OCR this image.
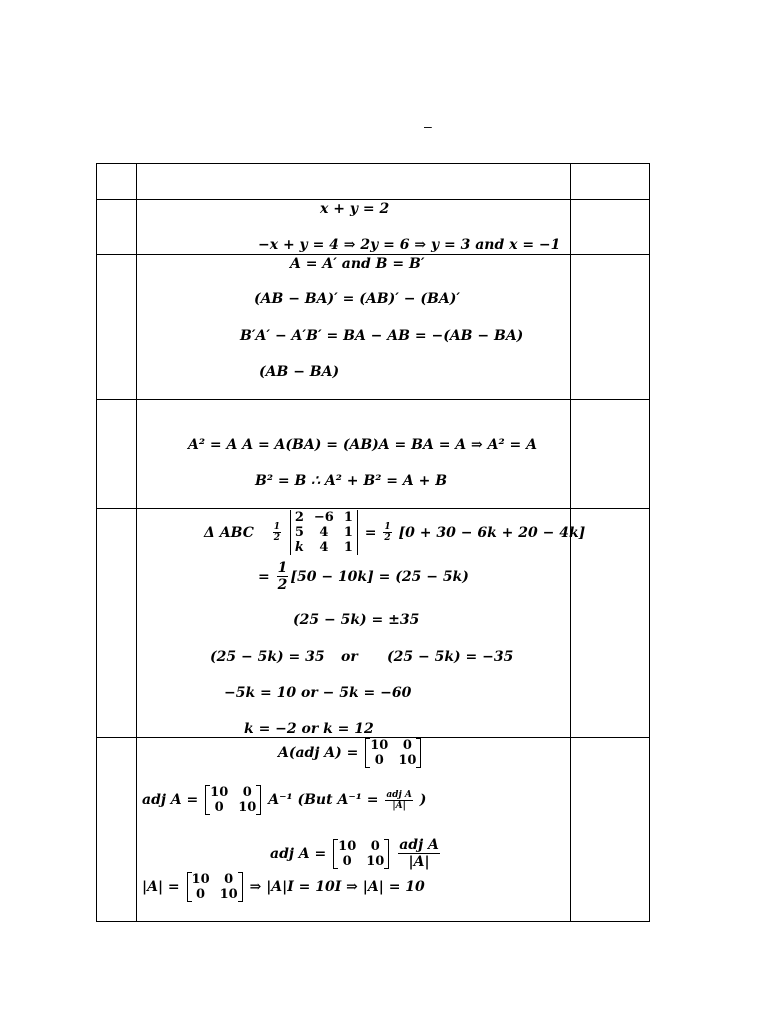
–
x + y = 2
−x + y = 4 ⇒ 2y = 6 ⇒ y = 3 and x = −1
A = A′ and B = B′
(AB − BA)′ = (AB)′ − (BA)′
B′A′ − A′B′ = BA − AB = −(AB − BA)
(AB − BA)
A² = A A = A(BA) = (AB)A = BA = A ⇒ A² = A
B² = B ∴ A² + B² = A + B
Δ ABC $\frac{1}{2}$

2 −6 1
5	4	1
k	4	1
= $\frac{1}{2} [0 + 30 - 6k + 20 - 4k]$
= $\frac{1}{2} [50 - 10k] = (25 - 5k)$
(25 − 5k) = ±35
(25 − 5k) = 35 or (25 − 5k) = −35
−5k = 10 or − 5k = −60
k = −2 or k = 12
A(adj A) = 10	0
0	10
adj A = 10	0
0	10 A⁻¹ (But $A^{-1} = \frac{\text{adj A}}{|A|}$ )
adj A = 10	0
0	10
$\frac{\text{adj A}}{|A|}$
|A| = 10	0
0	10 ⇒ |A|I = 10I ⇒ |A| = 10
